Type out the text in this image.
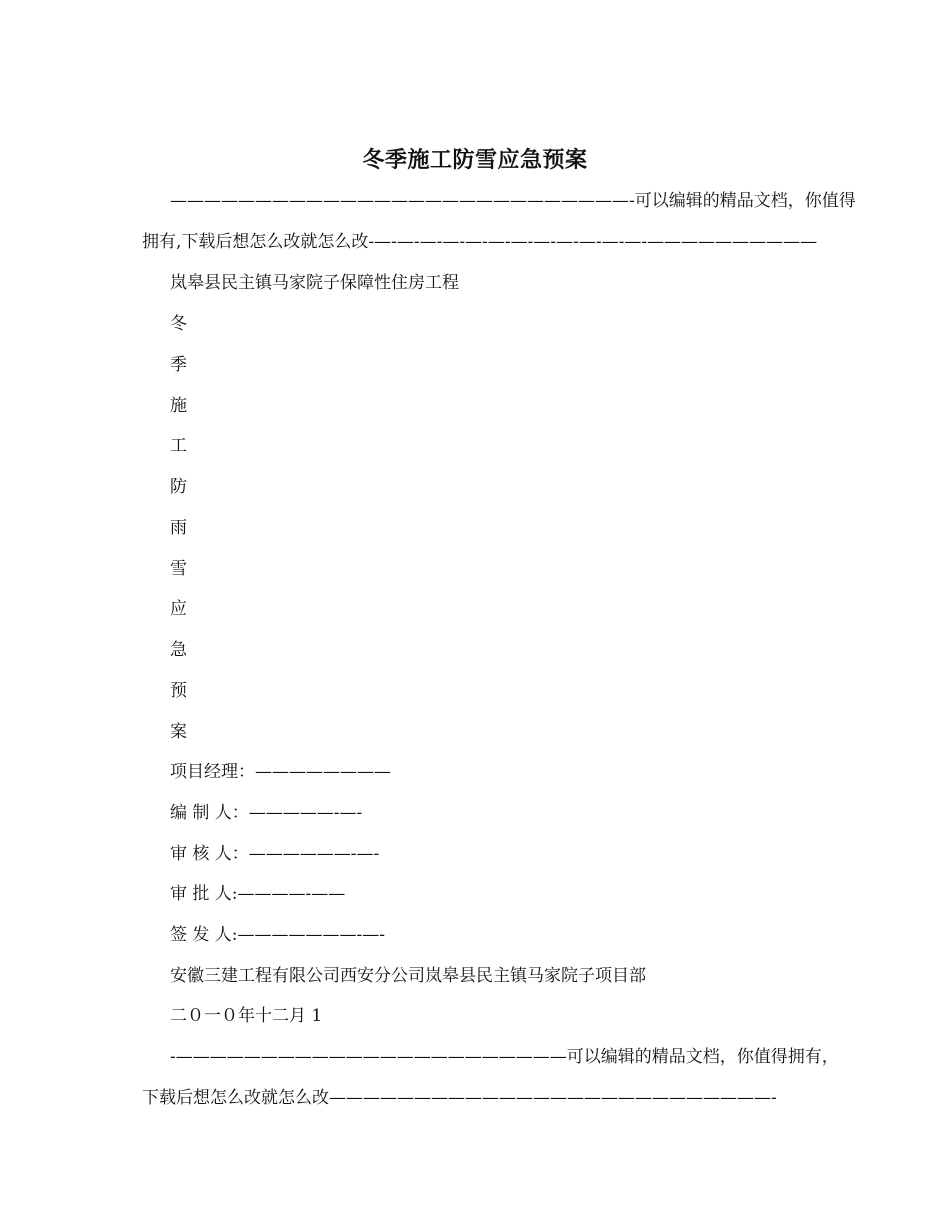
冬季施工防雪应急预案
———————————————————————————-可以编辑的精品文档，你值得
拥有,下载后想怎么改就怎么改-—-—-—-—-—-—-—-—-—-—-—-—-——————————
岚皋县民主镇马家院子保障性住房工程
冬
季
施
工
防
雨
雪
应
急
预
案
项目经理：————————
编 制 人：—————-—-
审 核 人：——————-—-
审 批 人:————-——
签 发 人:———————-—-
安徽三建工程有限公司西安分公司岚皋县民主镇马家院子项目部
二０一０年十二月 1
-———————————————————————可以编辑的精品文档，你值得拥有，
下载后想怎么改就怎么改——————————————————————————-
